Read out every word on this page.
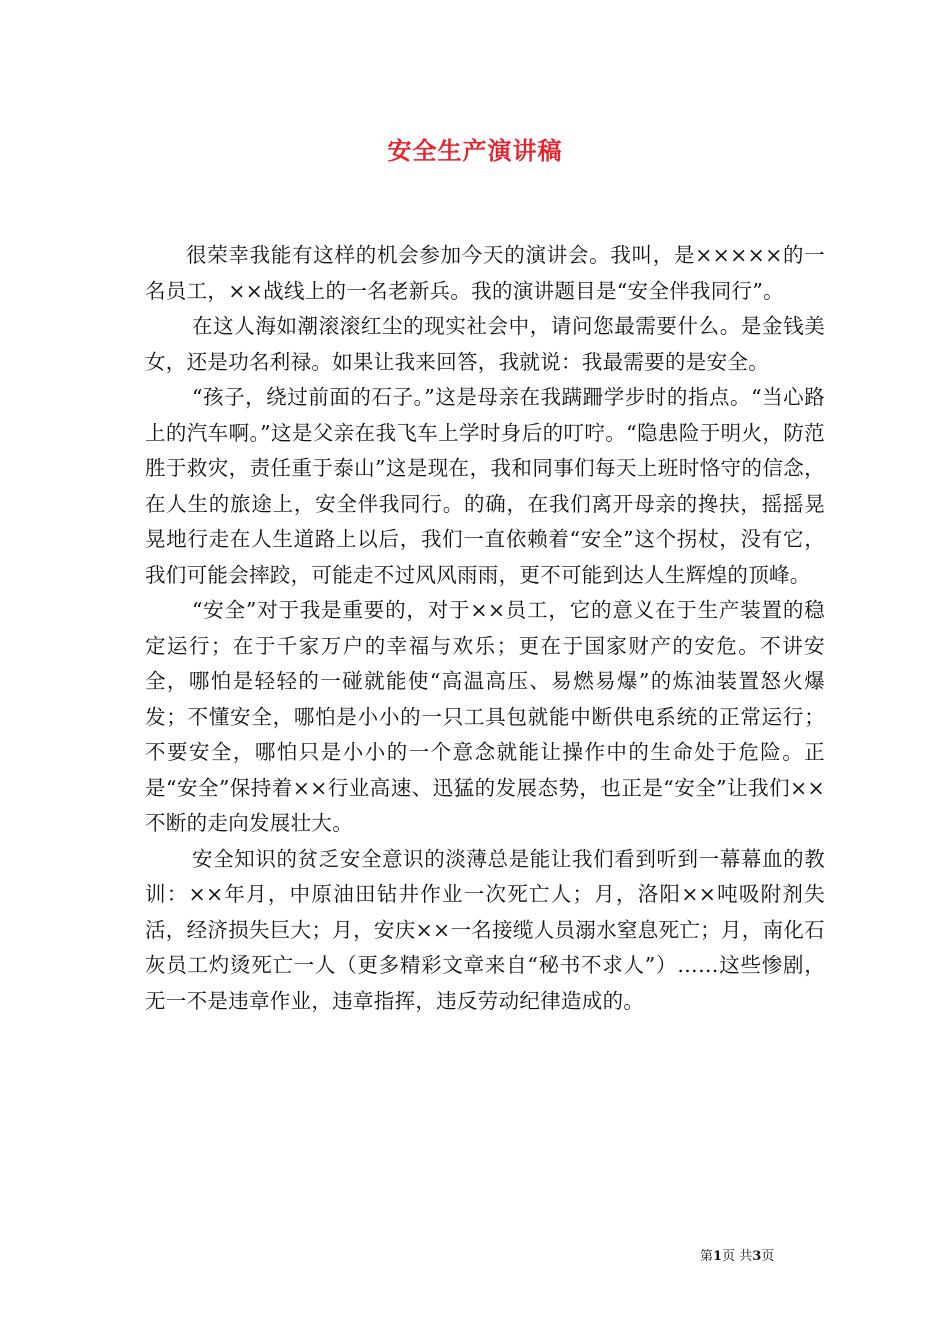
安全生产演讲稿

很荣幸我能有这样的机会参加今天的演讲会。我叫，是×××××的一名员工，××战线上的一名老新兵。我的演讲题目是“安全伴我同行”。

在这人海如潮滚滚红尘的现实社会中，请问您最需要什么。是金钱美女，还是功名利禄。如果让我来回答，我就说：我最需要的是安全。

“孩子，绕过前面的石子。”这是母亲在我蹒跚学步时的指点。“当心路上的汽车啊。”这是父亲在我飞车上学时身后的叮咛。“隐患险于明火，防范胜于救灾，责任重于泰山”这是现在，我和同事们每天上班时恪守的信念，在人生的旅途上，安全伴我同行。的确，在我们离开母亲的搀扶，摇摇晃晃地行走在人生道路上以后，我们一直依赖着“安全”这个拐杖，没有它，我们可能会摔跤，可能走不过风风雨雨，更不可能到达人生辉煌的顶峰。

“安全”对于我是重要的，对于××员工，它的意义在于生产装置的稳定运行；在于千家万户的幸福与欢乐；更在于国家财产的安危。不讲安全，哪怕是轻轻的一碰就能使“高温高压、易燃易爆”的炼油装置怒火爆发；不懂安全，哪怕是小小的一只工具包就能中断供电系统的正常运行；不要安全，哪怕只是小小的一个意念就能让操作中的生命处于危险。正是“安全”保持着××行业高速、迅猛的发展态势，也正是“安全”让我们××不断的走向发展壮大。

安全知识的贫乏安全意识的淡薄总是能让我们看到听到一幕幕血的教训：××年月，中原油田钻井作业一次死亡人；月，洛阳××吨吸附剂失活，经济损失巨大；月，安庆××一名接缆人员溺水窒息死亡；月，南化石灰员工灼烫死亡一人（更多精彩文章来自“秘书不求人”）……这些惨剧，无一不是违章作业，违章指挥，违反劳动纪律造成的。

第1页 共3页
